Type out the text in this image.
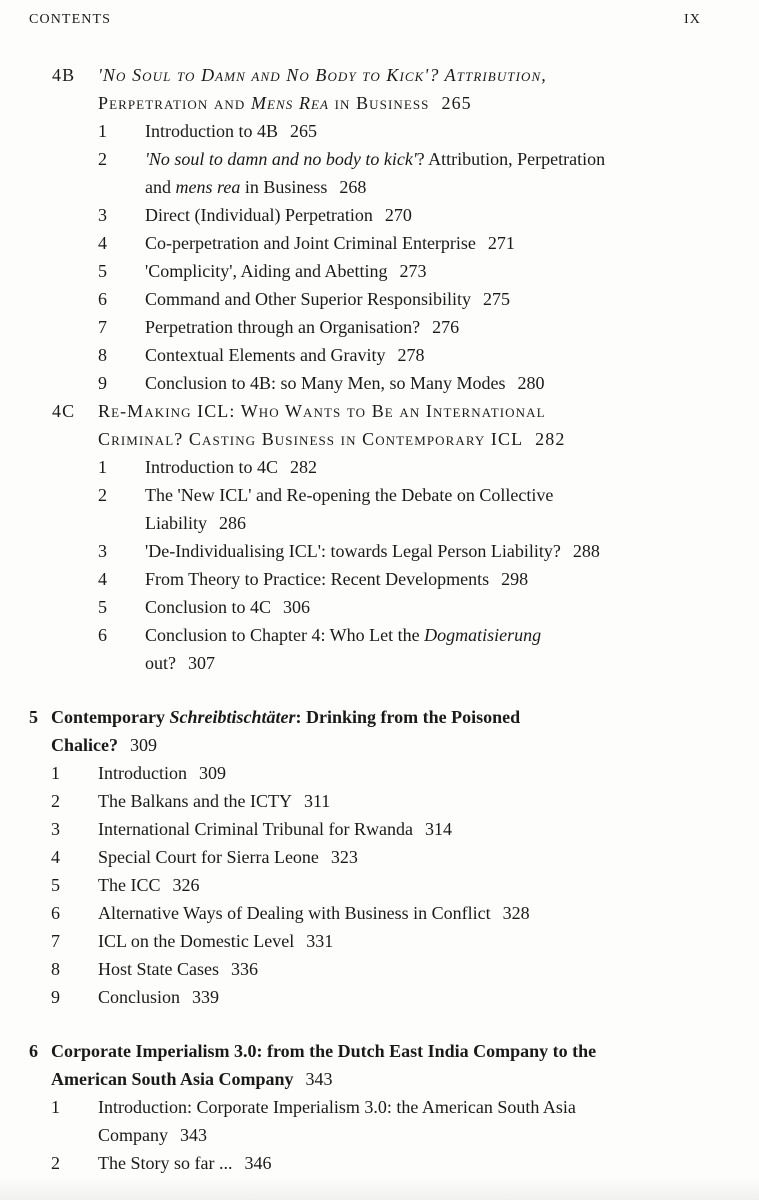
CONTENTS	IX
4B	'No Soul to Damn and No Body to Kick'? Attribution,
Perpetration and Mens Rea in Business 265
1	Introduction to 4B 265
2	'No soul to damn and no body to kick'? Attribution, Perpetration
and mens rea in Business 268
3	Direct (Individual) Perpetration 270
4	Co-perpetration and Joint Criminal Enterprise 271
5	'Complicity', Aiding and Abetting 273
6	Command and Other Superior Responsibility 275
7	Perpetration through an Organisation? 276
8	Contextual Elements and Gravity 278
9	Conclusion to 4B: so Many Men, so Many Modes 280
4C	Re-Making ICL: Who Wants to Be an International
Criminal? Casting Business in Contemporary ICL 282
1	Introduction to 4C 282
2	The 'New ICL' and Re-opening the Debate on Collective
Liability 286
3	'De-Individualising ICL': towards Legal Person Liability? 288
4	From Theory to Practice: Recent Developments 298
5	Conclusion to 4C 306
6	Conclusion to Chapter 4: Who Let the Dogmatisierung
out? 307
5 Contemporary Schreibtischtäter: Drinking from the Poisoned
Chalice? 309
1	Introduction 309
2	The Balkans and the ICTY 311
3	International Criminal Tribunal for Rwanda 314
4	Special Court for Sierra Leone 323
5	The ICC 326
6	Alternative Ways of Dealing with Business in Conflict 328
7	ICL on the Domestic Level 331
8	Host State Cases 336
9	Conclusion 339
6 Corporate Imperialism 3.0: from the Dutch East India Company to the
American South Asia Company 343
1	Introduction: Corporate Imperialism 3.0: the American South Asia
Company 343
2	The Story so far ... 346
